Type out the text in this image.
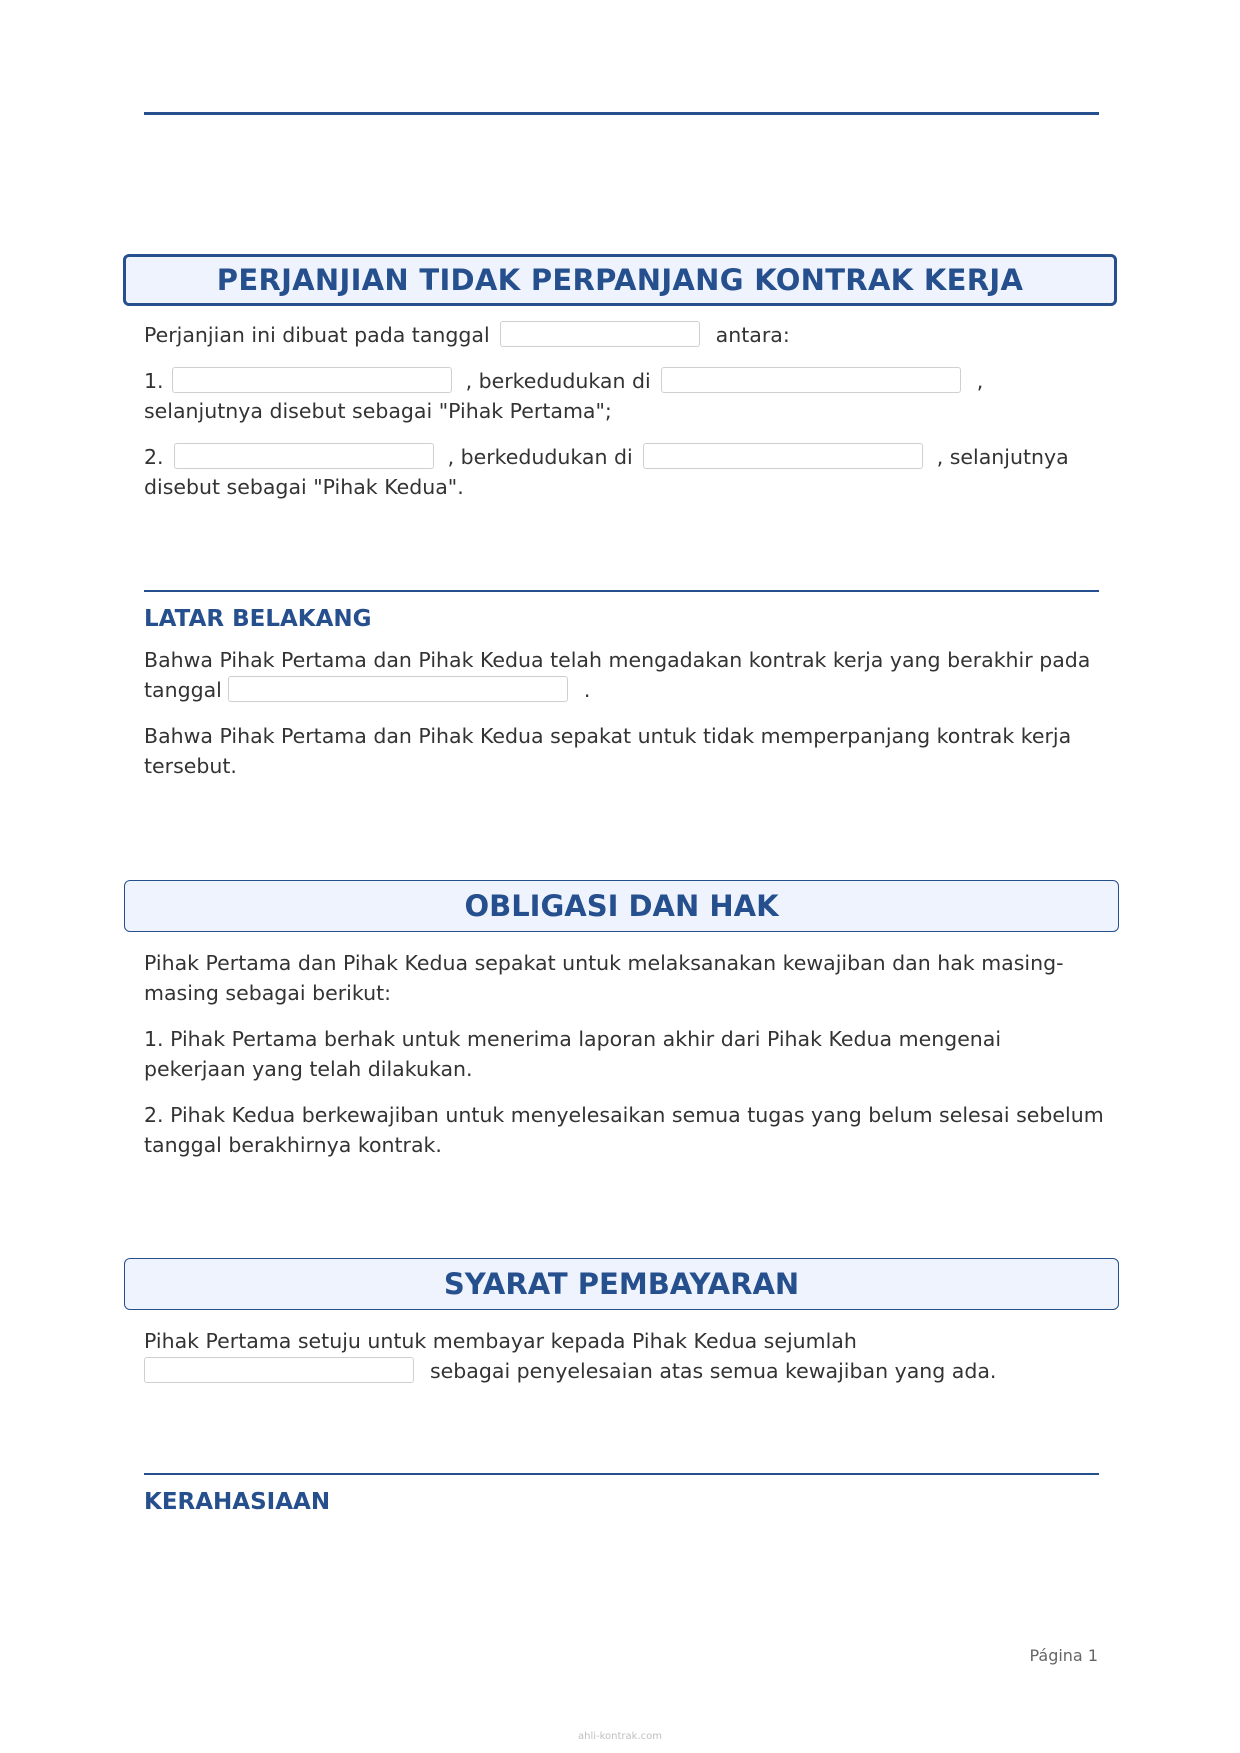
PERJANJIAN TIDAK PERPANJANG KONTRAK KERJA
Perjanjian ini dibuat pada tanggal	antara:
1.	, berkedudukan di	,
selanjutnya disebut sebagai "Pihak Pertama";
2.	, berkedudukan di	, selanjutnya
disebut sebagai "Pihak Kedua".
LATAR BELAKANG
Bahwa Pihak Pertama dan Pihak Kedua telah mengadakan kontrak kerja yang berakhir pada tanggal	.
Bahwa Pihak Pertama dan Pihak Kedua sepakat untuk tidak memperpanjang kontrak kerja tersebut.
OBLIGASI DAN HAK
Pihak Pertama dan Pihak Kedua sepakat untuk melaksanakan kewajiban dan hak masing-masing sebagai berikut:
1. Pihak Pertama berhak untuk menerima laporan akhir dari Pihak Kedua mengenai pekerjaan yang telah dilakukan.
2. Pihak Kedua berkewajiban untuk menyelesaikan semua tugas yang belum selesai sebelum tanggal berakhirnya kontrak.
SYARAT PEMBAYARAN
Pihak Pertama setuju untuk membayar kepada Pihak Kedua sejumlah
sebagai penyelesaian atas semua kewajiban yang ada.
KERAHASIAAN
Página 1
ahli-kontrak.com
